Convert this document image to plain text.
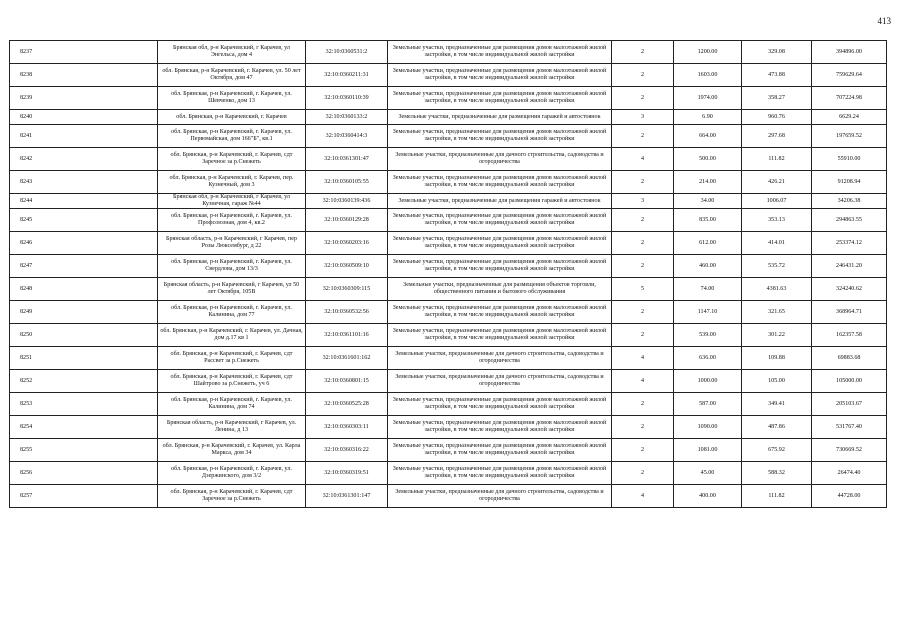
413
8237	Брянская обл, р-н Карачевский, г Карачев, ул Энгельса, дом 4	32:10:0360531:2	Земельные участки, предназначенные для размещения домов малоэтажной жилой застройки, в том числе индивидуальной жилой застройки	2	1200.00	329.08	394896.00
8238	обл. Брянская, р-н Карачевский, г. Карачев, ул. 50 лет Октября, дом 47	32:10:0360211:31	Земельные участки, предназначенные для размещения домов малоэтажной жилой застройки, в том числе индивидуальной жилой застройки	2	1603.00	473.88	759629.64
8239	обл. Брянская, р-н Карачевский, г. Карачев, ул. Шевченко, дом 13	32:10:0360110:39	Земельные участки, предназначенные для размещения домов малоэтажной жилой застройки, в том числе индивидуальной жилой застройки	2	1974.00	358.27	707224.98
8240	обл. Брянская, р-н Карачевский, г. Карачев	32:10:0360133:2	Земельные участки, предназначенные для размещения гаражей и автостоянок	3	6.90	960.76	6629.24
8241	обл. Брянская, р-н Карачевский, г. Карачев, ул. Первомайская, дом 166"Б", кв.1	32:10:0360414:3	Земельные участки, предназначенные для размещения домов малоэтажной жилой застройки, в том числе индивидуальной жилой застройки	2	664.00	297.68	197659.52
8242	обл. Брянская, р-н Карачевский, г. Карачев, сдт Заречное за р.Снежеть	32:10:0361301:47	Земельные участки, предназначенные для дачного строительства, садоводства и огородничества	4	500.00	111.82	55910.00
8243	обл. Брянская, р-н Карачевский, г. Карачев, пер. Кузнечный, дом 3	32:10:0360105:55	Земельные участки, предназначенные для размещения домов малоэтажной жилой застройки, в том числе индивидуальной жилой застройки	2	214.00	426.21	91208.94
8244	Брянская обл, р-н Карачевский, г Карачев, ул Кузнечная, гараж №44	32:10:0360139:436	Земельные участки, предназначенные для размещения гаражей и автостоянок	3	34.00	1006.07	34206.38
8245	обл. Брянская, р-н Карачевский, г. Карачев, ул. Профсоюзная, дом 4, кв.2	32:10:0360129:28	Земельные участки, предназначенные для размещения домов малоэтажной жилой застройки, в том числе индивидуальной жилой застройки	2	835.00	353.13	294863.55
8246	Брянская область, р-н Карачевский, г Карачев, пер Розы Люксембург, д 22	32:10:0360203:16	Земельные участки, предназначенные для размещения домов малоэтажной жилой застройки, в том числе индивидуальной жилой застройки	2	612.00	414.01	253374.12
8247	обл. Брянская, р-н Карачевский, г. Карачев, ул. Свердлова, дом 13/3	32:10:0360509:10	Земельные участки, предназначенные для размещения домов малоэтажной жилой застройки, в том числе индивидуальной жилой застройки	2	460.00	535.72	246431.20
8248	Брянская область, р-н Карачевский, г Карачев, ул 50 лет Октября, 105В	32:10:0360309:115	Земельные участки, предназначенные для размещения объектов торговли, общественного питания и бытового обслуживания	5	74.00	4381.63	324240.62
8249	обл. Брянская, р-н Карачевский, г. Карачев, ул. Калинина, дом 77	32:10:0360532:56	Земельные участки, предназначенные для размещения домов малоэтажной жилой застройки, в том числе индивидуальной жилой застройки	2	1147.10	321.65	368964.71
8250	обл. Брянская, р-н Карачевский, г. Карачев, ул. Дачная, дом д.17 кв 1	32:10:0361101:16	Земельные участки, предназначенные для размещения домов малоэтажной жилой застройки, в том числе индивидуальной жилой застройки	2	539.00	301.22	162357.58
8251	обл. Брянская, р-н Карачевский, г. Карачев, сдт Рассвет за р.Снежеть	32:10:0361601:162	Земельные участки, предназначенные для дачного строительства, садоводства и огородничества	4	636.00	109.88	69883.68
8252	обл. Брянская, р-н Карачевский, г. Карачев, сдт Шайтрово за р.Снежеть, уч 6	32:10:0360801:15	Земельные участки, предназначенные для дачного строительства, садоводства и огородничества	4	1000.00	105.00	105000.00
8253	обл. Брянская, р-н Карачевский, г. Карачев, ул. Калинина, дом 74	32:10:0360525:28	Земельные участки, предназначенные для размещения домов малоэтажной жилой застройки, в том числе индивидуальной жилой застройки	2	587.00	349.41	205103.67
8254	Брянская область, р-н Карачевский, г Карачев, ул. Ленина, д 13	32:10:0360303:11	Земельные участки, предназначенные для размещения домов малоэтажной жилой застройки, в том числе индивидуальной жилой застройки	2	1090.00	487.86	531767.40
8255	обл. Брянская, р-н Карачевский, г. Карачев, ул. Карла Маркса, дом 34	32:10:0360316:22	Земельные участки, предназначенные для размещения домов малоэтажной жилой застройки, в том числе индивидуальной жилой застройки	2	1081.00	675.92	730669.52
8256	обл. Брянская, р-н Карачевский, г. Карачев, ул. Дзержинского, дом 3/2	32:10:0360319:51	Земельные участки, предназначенные для размещения домов малоэтажной жилой застройки, в том числе индивидуальной жилой застройки	2	45.00	588.32	26474.40
8257	обл. Брянская, р-н Карачевский, г. Карачев, сдт Заречное за р.Снежеть	32:10:0361301:147	Земельные участки, предназначенные для дачного строительства, садоводства и огородничества	4	400.00	111.82	44728.00
